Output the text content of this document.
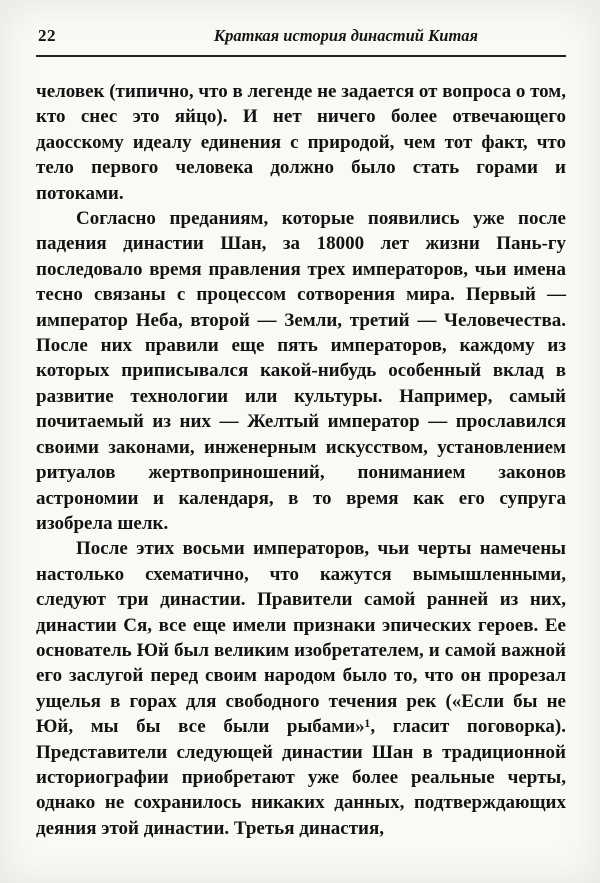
22	Краткая история династий Китая

человек (типично, что в легенде не задается от вопроса о том, кто снес это яйцо). И нет ничего более отвечающего даосскому идеалу единения с природой, чем тот факт, что тело первого человека должно было стать горами и потоками.

Согласно преданиям, которые появились уже после падения династии Шан, за 18000 лет жизни Пань-гу последовало время правления трех императоров, чьи имена тесно связаны с процессом сотворения мира. Первый — император Неба, второй — Земли, третий — Человечества. После них правили еще пять императоров, каждому из которых приписывался какой-нибудь особенный вклад в развитие технологии или культуры. Например, самый почитаемый из них — Желтый император — прославился своими законами, инженерным искусством, установлением ритуалов жертвоприношений, пониманием законов астрономии и календаря, в то время как его супруга изобрела шелк.

После этих восьми императоров, чьи черты намечены настолько схематично, что кажутся вымышленными, следуют три династии. Правители самой ранней из них, династии Ся, все еще имели признаки эпических героев. Ее основатель Юй был великим изобретателем, и самой важной его заслугой перед своим народом было то, что он прорезал ущелья в горах для свободного течения рек («Если бы не Юй, мы бы все были рыбами»¹, гласит поговорка). Представители следующей династии Шан в традиционной историографии приобретают уже более реальные черты, однако не сохранилось никаких данных, подтверждающих деяния этой династии. Третья династия,
